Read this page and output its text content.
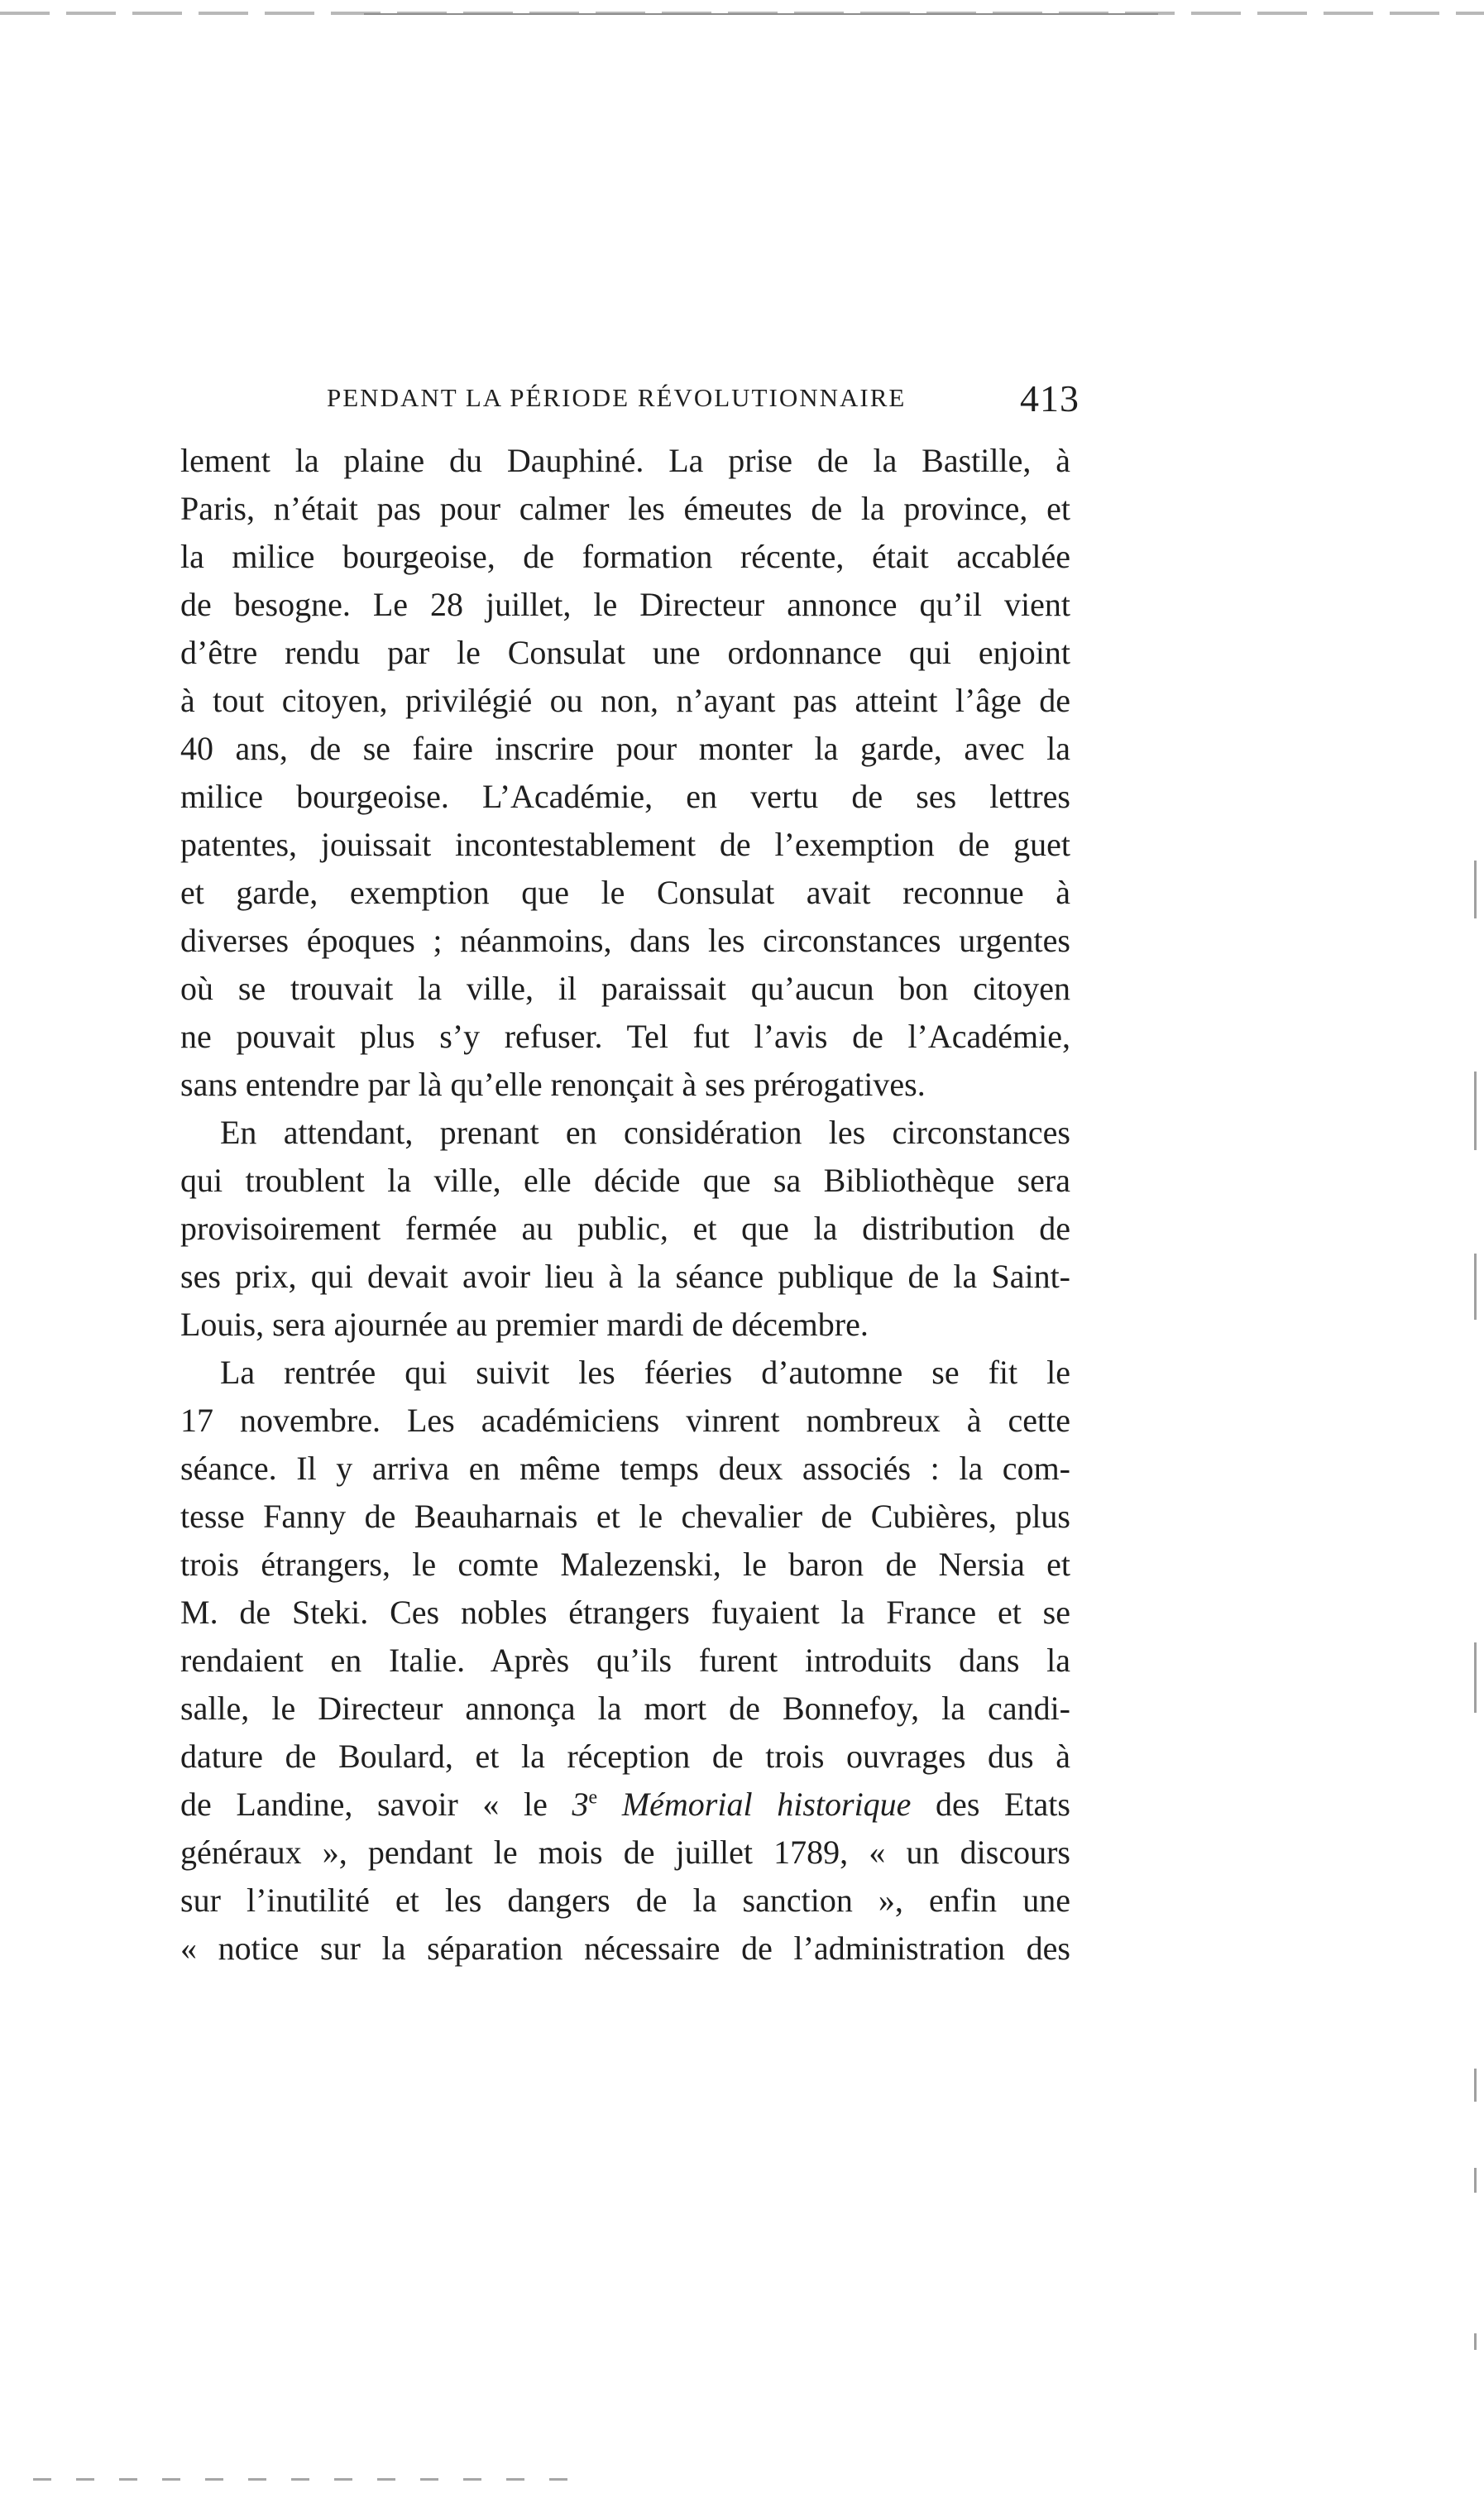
PENDANT LA PÉRIODE RÉVOLUTIONNAIRE	413
lement la plaine du Dauphiné. La prise de la Bastille, à
Paris, n’était pas pour calmer les émeutes de la province, et
la milice bourgeoise, de formation récente, était accablée
de besogne. Le 28 juillet, le Directeur annonce qu’il vient
d’être rendu par le Consulat une ordonnance qui enjoint
à tout citoyen, privilégié ou non, n’ayant pas atteint l’âge de
40 ans, de se faire inscrire pour monter la garde, avec la
milice bourgeoise. L’Académie, en vertu de ses lettres
patentes, jouissait incontestablement de l’exemption de guet
et garde, exemption que le Consulat avait reconnue à
diverses époques ; néanmoins, dans les circonstances urgentes
où se trouvait la ville, il paraissait qu’aucun bon citoyen
ne pouvait plus s’y refuser. Tel fut l’avis de l’Académie,
sans entendre par là qu’elle renonçait à ses prérogatives.
En attendant, prenant en considération les circonstances
qui troublent la ville, elle décide que sa Bibliothèque sera
provisoirement fermée au public, et que la distribution de
ses prix, qui devait avoir lieu à la séance publique de la Saint-
Louis, sera ajournée au premier mardi de décembre.
La rentrée qui suivit les féeries d’automne se fit le
17 novembre. Les académiciens vinrent nombreux à cette
séance. Il y arriva en même temps deux associés : la com-
tesse Fanny de Beauharnais et le chevalier de Cubières, plus
trois étrangers, le comte Malezenski, le baron de Nersia et
M. de Steki. Ces nobles étrangers fuyaient la France et se
rendaient en Italie. Après qu’ils furent introduits dans la
salle, le Directeur annonça la mort de Bonnefoy, la candi-
dature de Boulard, et la réception de trois ouvrages dus à
de Landine, savoir « le 3e Mémorial historique des Etats
généraux », pendant le mois de juillet 1789, « un discours
sur l’inutilité et les dangers de la sanction », enfin une
« notice sur la séparation nécessaire de l’administration des
